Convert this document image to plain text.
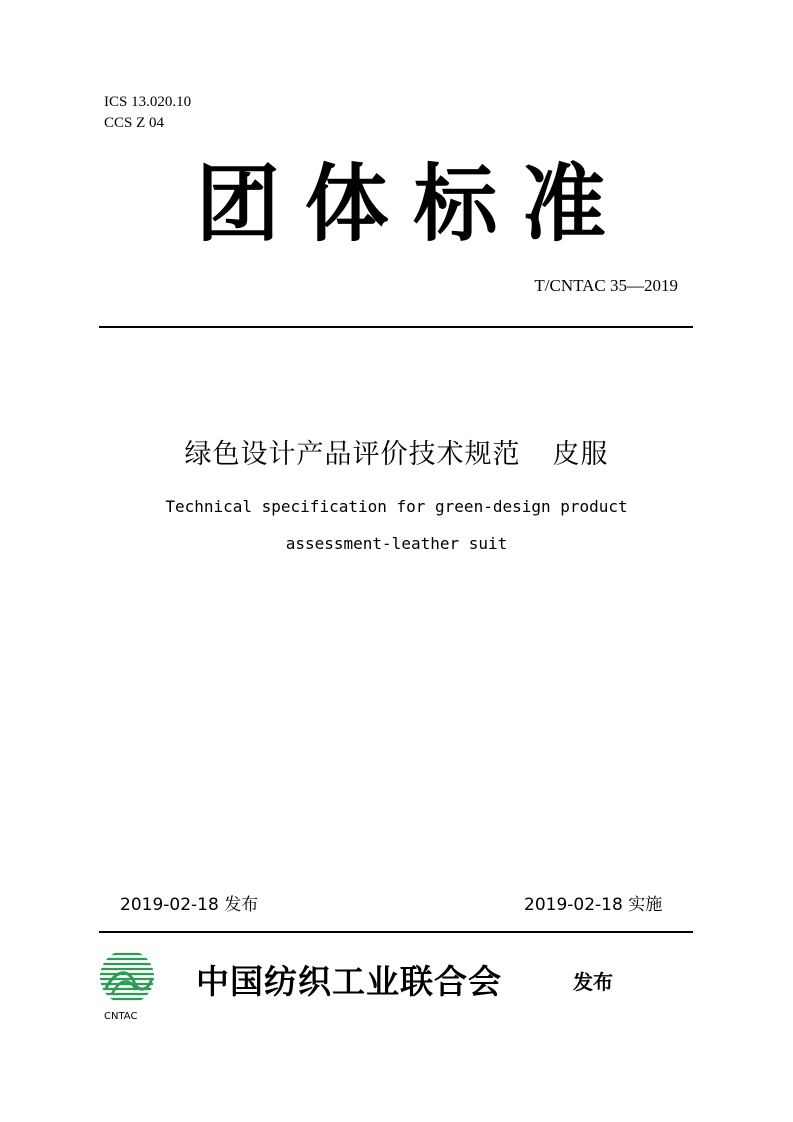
ICS 13.020.10
CCS Z 04
团 体 标 准
T/CNTAC 35—2019
绿色设计产品评价技术规范 皮服
Technical specification for green-design product
assessment-leather suit
2019-02-18 发布	2019-02-18 实施
CNTAC
中国纺织工业联合会	发布
